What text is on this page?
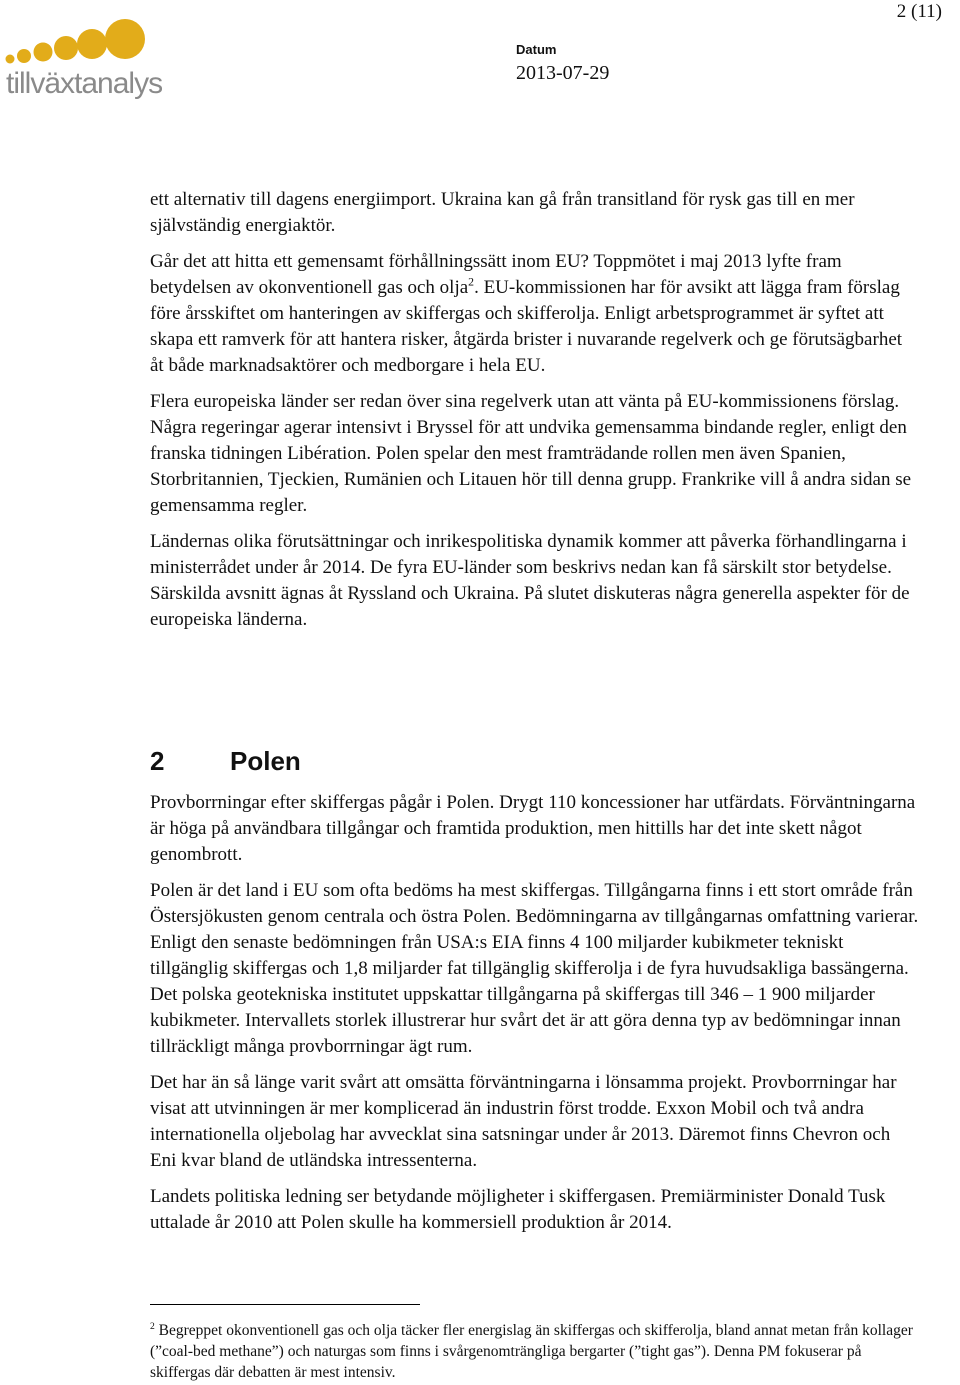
2 (11)
tillväxtanalys
Datum
2013-07-29

ett alternativ till dagens energiimport. Ukraina kan gå från transitland för rysk gas till en mer självständig energiaktör.

Går det att hitta ett gemensamt förhållningssätt inom EU? Toppmötet i maj 2013 lyfte fram betydelsen av okonventionell gas och olja$^2$. EU-kommissionen har för avsikt att lägga fram förslag före årsskiftet om hanteringen av skiffergas och skifferolja. Enligt arbetsprogrammet är syftet att skapa ett ramverk för att hantera risker, åtgärda brister i nuvarande regelverk och ge förutsägbarhet åt både marknadsaktörer och medborgare i hela EU.

Flera europeiska länder ser redan över sina regelverk utan att vänta på EU-kommissionens förslag. Några regeringar agerar intensivt i Bryssel för att undvika gemensamma bindande regler, enligt den franska tidningen Libération. Polen spelar den mest framträdande rollen men även Spanien, Storbritannien, Tjeckien, Rumänien och Litauen hör till denna grupp. Frankrike vill å andra sidan se gemensamma regler.

Ländernas olika förutsättningar och inrikespolitiska dynamik kommer att påverka förhandlingarna i ministerrådet under år 2014. De fyra EU-länder som beskrivs nedan kan få särskilt stor betydelse. Särskilda avsnitt ägnas åt Ryssland och Ukraina. På slutet diskuteras några generella aspekter för de europeiska länderna.

2	Polen

Provborrningar efter skiffergas pågår i Polen. Drygt 110 koncessioner har utfärdats. Förväntningarna är höga på användbara tillgångar och framtida produktion, men hittills har det inte skett något genombrott.

Polen är det land i EU som ofta bedöms ha mest skiffergas. Tillgångarna finns i ett stort område från Östersjökusten genom centrala och östra Polen. Bedömningarna av tillgångarnas omfattning varierar. Enligt den senaste bedömningen från USA:s EIA finns 4 100 miljarder kubikmeter tekniskt tillgänglig skiffergas och 1,8 miljarder fat tillgänglig skifferolja i de fyra huvudsakliga bassängerna. Det polska geotekniska institutet uppskattar tillgångarna på skiffergas till 346 – 1 900 miljarder kubikmeter. Intervallets storlek illustrerar hur svårt det är att göra denna typ av bedömningar innan tillräckligt många provborrningar ägt rum.

Det har än så länge varit svårt att omsätta förväntningarna i lönsamma projekt. Provborrningar har visat att utvinningen är mer komplicerad än industrin först trodde. Exxon Mobil och två andra internationella oljebolag har avvecklat sina satsningar under år 2013. Däremot finns Chevron och Eni kvar bland de utländska intressenterna.

Landets politiska ledning ser betydande möjligheter i skiffergasen. Premiärminister Donald Tusk uttalade år 2010 att Polen skulle ha kommersiell produktion år 2014.

$^2$ Begreppet okonventionell gas och olja täcker fler energislag än skiffergas och skifferolja, bland annat metan från kollager (”coal-bed methane”) och naturgas som finns i svårgenomträngliga bergarter (”tight gas”). Denna PM fokuserar på skiffergas där debatten är mest intensiv.
